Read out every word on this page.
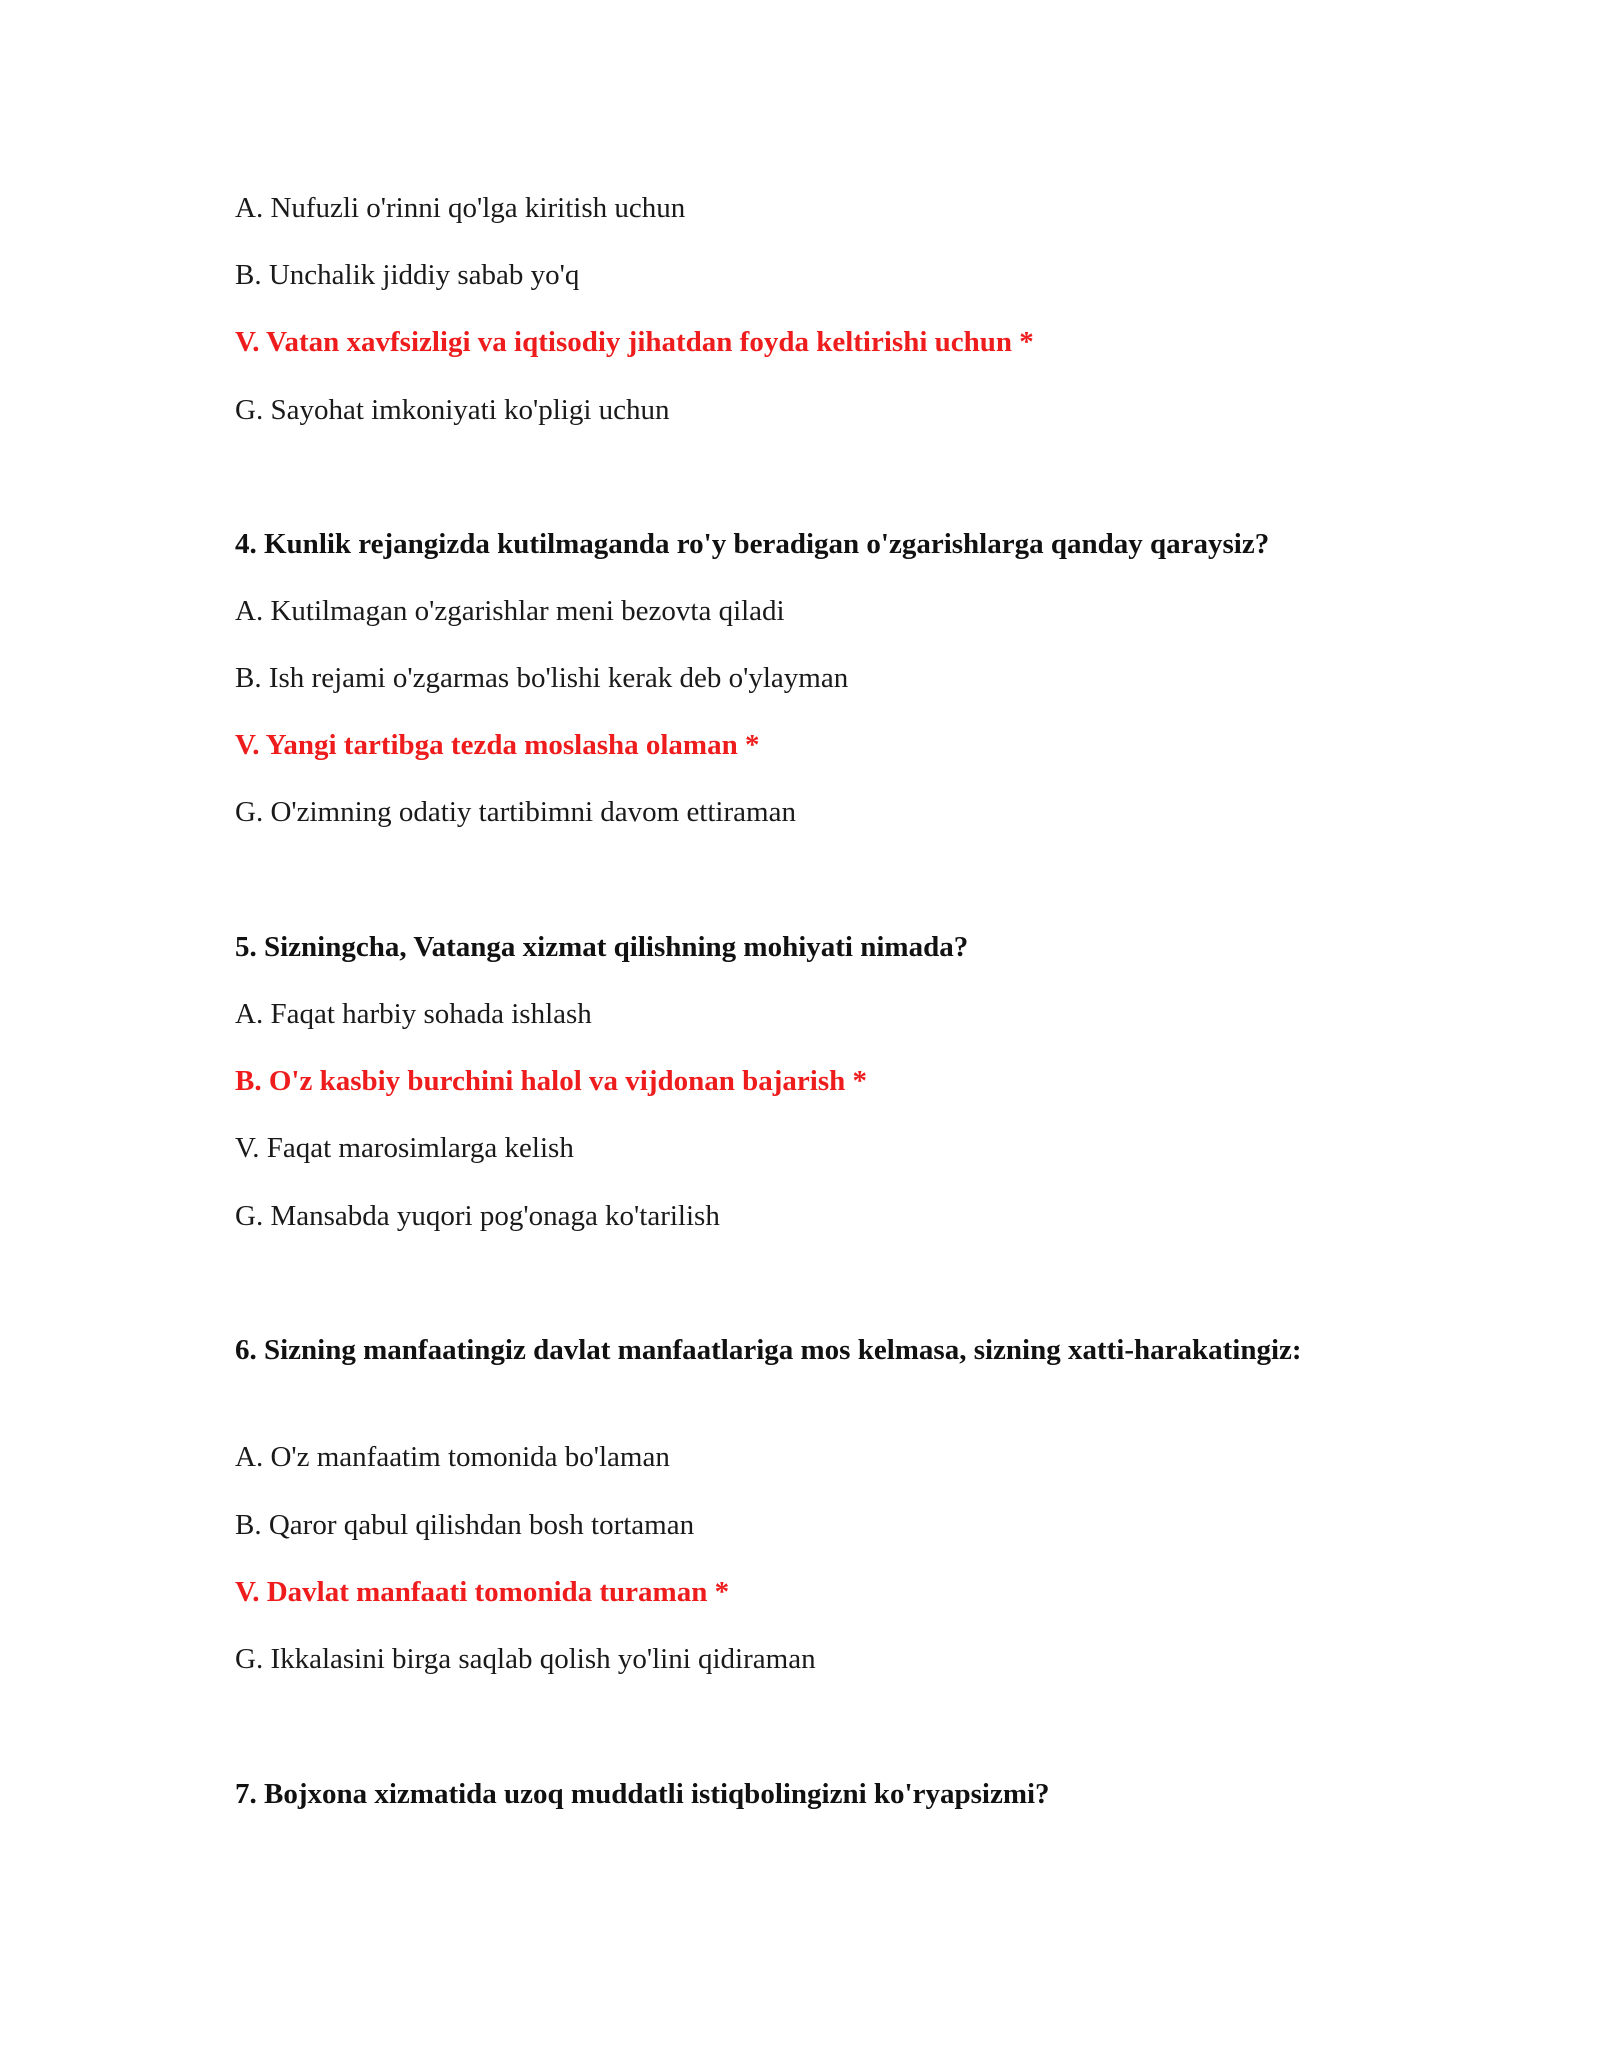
A. Nufuzli o'rinni qo'lga kiritish uchun

B. Unchalik jiddiy sabab yo'q

V. Vatan xavfsizligi va iqtisodiy jihatdan foyda keltirishi uchun *

G. Sayohat imkoniyati ko'pligi uchun

4. Kunlik rejangizda kutilmaganda ro'y beradigan o'zgarishlarga qanday qaraysiz?

A. Kutilmagan o'zgarishlar meni bezovta qiladi

B. Ish rejami o'zgarmas bo'lishi kerak deb o'ylayman

V. Yangi tartibga tezda moslasha olaman *

G. O'zimning odatiy tartibimni davom ettiraman

5. Sizningcha, Vatanga xizmat qilishning mohiyati nimada?

A. Faqat harbiy sohada ishlash

B. O'z kasbiy burchini halol va vijdonan bajarish *

V. Faqat marosimlarga kelish

G. Mansabda yuqori pog'onaga ko'tarilish

6. Sizning manfaatingiz davlat manfaatlariga mos kelmasa, sizning xatti-harakatingiz:

A. O'z manfaatim tomonida bo'laman

B. Qaror qabul qilishdan bosh tortaman

V. Davlat manfaati tomonida turaman *

G. Ikkalasini birga saqlab qolish yo'lini qidiraman

7. Bojxona xizmatida uzoq muddatli istiqbolingizni ko'ryapsizmi?
